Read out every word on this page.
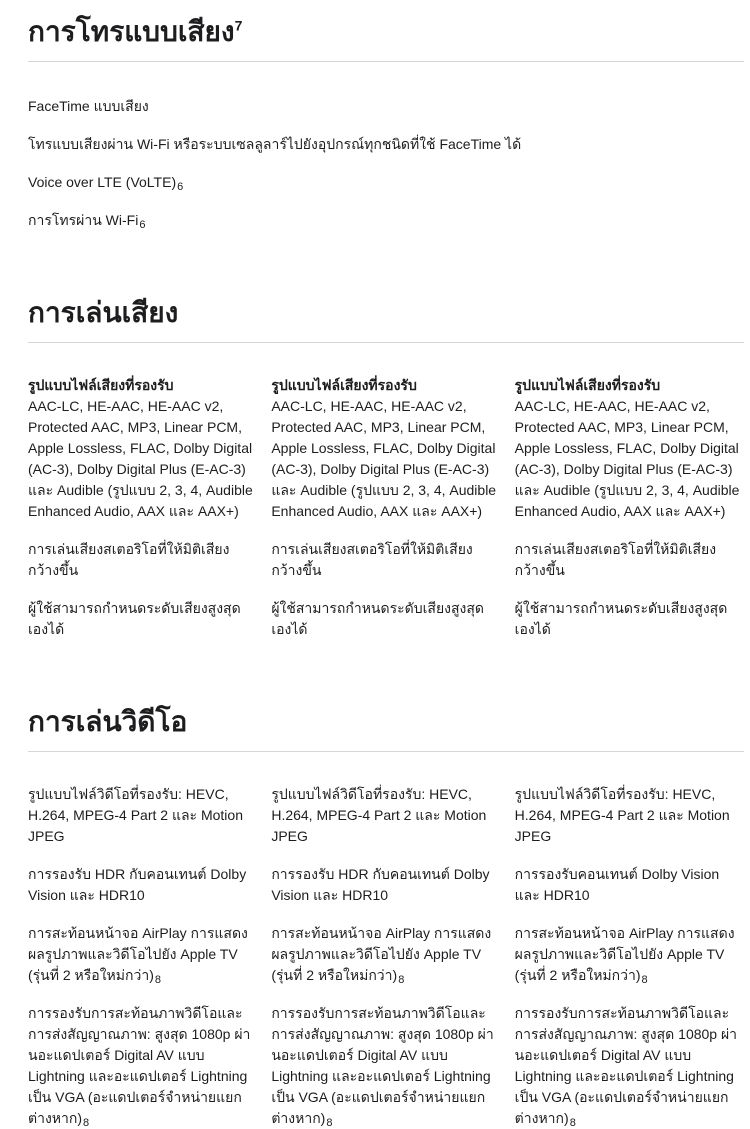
การโทรแบบเสียง$^7$

FaceTime แบบเสียง

โทรแบบเสียงผ่าน Wi-Fi หรือระบบเซลลูลาร์ไปยังอุปกรณ์ทุกชนิดที่ใช้ FaceTime ได้

Voice over LTE $(VoLTE)_6$

การโทรผ่าน $Wi-Fi_6$

การเล่นเสียง

รูปแบบไฟล์เสียงที่รองรับ
AAC-LC, HE-AAC, HE-AAC v2, Protected AAC, MP3, Linear PCM, Apple Lossless, FLAC, Dolby Digital (AC-3), Dolby Digital Plus (E-AC-3) และ Audible (รูปแบบ 2, 3, 4, Audible Enhanced Audio, AAX และ AAX+)

การเล่นเสียงสเตอริโอที่ให้มิติเสียงกว้างขึ้น

ผู้ใช้สามารถกำหนดระดับเสียงสูงสุดเองได้

รูปแบบไฟล์เสียงที่รองรับ
AAC-LC, HE-AAC, HE-AAC v2, Protected AAC, MP3, Linear PCM, Apple Lossless, FLAC, Dolby Digital (AC-3), Dolby Digital Plus (E-AC-3) และ Audible (รูปแบบ 2, 3, 4, Audible Enhanced Audio, AAX และ AAX+)

การเล่นเสียงสเตอริโอที่ให้มิติเสียงกว้างขึ้น

ผู้ใช้สามารถกำหนดระดับเสียงสูงสุดเองได้

รูปแบบไฟล์เสียงที่รองรับ
AAC-LC, HE-AAC, HE-AAC v2, Protected AAC, MP3, Linear PCM, Apple Lossless, FLAC, Dolby Digital (AC-3), Dolby Digital Plus (E-AC-3) และ Audible (รูปแบบ 2, 3, 4, Audible Enhanced Audio, AAX และ AAX+)

การเล่นเสียงสเตอริโอที่ให้มิติเสียงกว้างขึ้น

ผู้ใช้สามารถกำหนดระดับเสียงสูงสุดเองได้

การเล่นวิดีโอ

รูปแบบไฟล์วิดีโอที่รองรับ: HEVC, H.264, MPEG-4 Part 2 และ Motion JPEG

การรองรับ HDR กับคอนเทนต์ Dolby Vision และ HDR10

การสะท้อนหน้าจอ AirPlay การแสดงผลรูปภาพและวิดีโอไปยัง Apple TV (รุ่นที่ 2 หรือใหม่กว่า)$_8$

การรองรับการสะท้อนภาพวิดีโอและการส่งสัญญาณภาพ: สูงสุด 1080p ผ่านอะแดปเตอร์ Digital AV แบบ Lightning และอะแดปเตอร์ Lightning เป็น VGA (อะแดปเตอร์จำหน่ายแยกต่างหาก)$_8$

รูปแบบไฟล์วิดีโอที่รองรับ: HEVC, H.264, MPEG-4 Part 2 และ Motion JPEG

การรองรับ HDR กับคอนเทนต์ Dolby Vision และ HDR10

การสะท้อนหน้าจอ AirPlay การแสดงผลรูปภาพและวิดีโอไปยัง Apple TV (รุ่นที่ 2 หรือใหม่กว่า)$_8$

การรองรับการสะท้อนภาพวิดีโอและการส่งสัญญาณภาพ: สูงสุด 1080p ผ่านอะแดปเตอร์ Digital AV แบบ Lightning และอะแดปเตอร์ Lightning เป็น VGA (อะแดปเตอร์จำหน่ายแยกต่างหาก)$_8$

รูปแบบไฟล์วิดีโอที่รองรับ: HEVC, H.264, MPEG-4 Part 2 และ Motion JPEG

การรองรับคอนเทนต์ Dolby Vision และ HDR10

การสะท้อนหน้าจอ AirPlay การแสดงผลรูปภาพและวิดีโอไปยัง Apple TV (รุ่นที่ 2 หรือใหม่กว่า)$_8$

การรองรับการสะท้อนภาพวิดีโอและการส่งสัญญาณภาพ: สูงสุด 1080p ผ่านอะแดปเตอร์ Digital AV แบบ Lightning และอะแดปเตอร์ Lightning เป็น VGA (อะแดปเตอร์จำหน่ายแยกต่างหาก)$_8$
